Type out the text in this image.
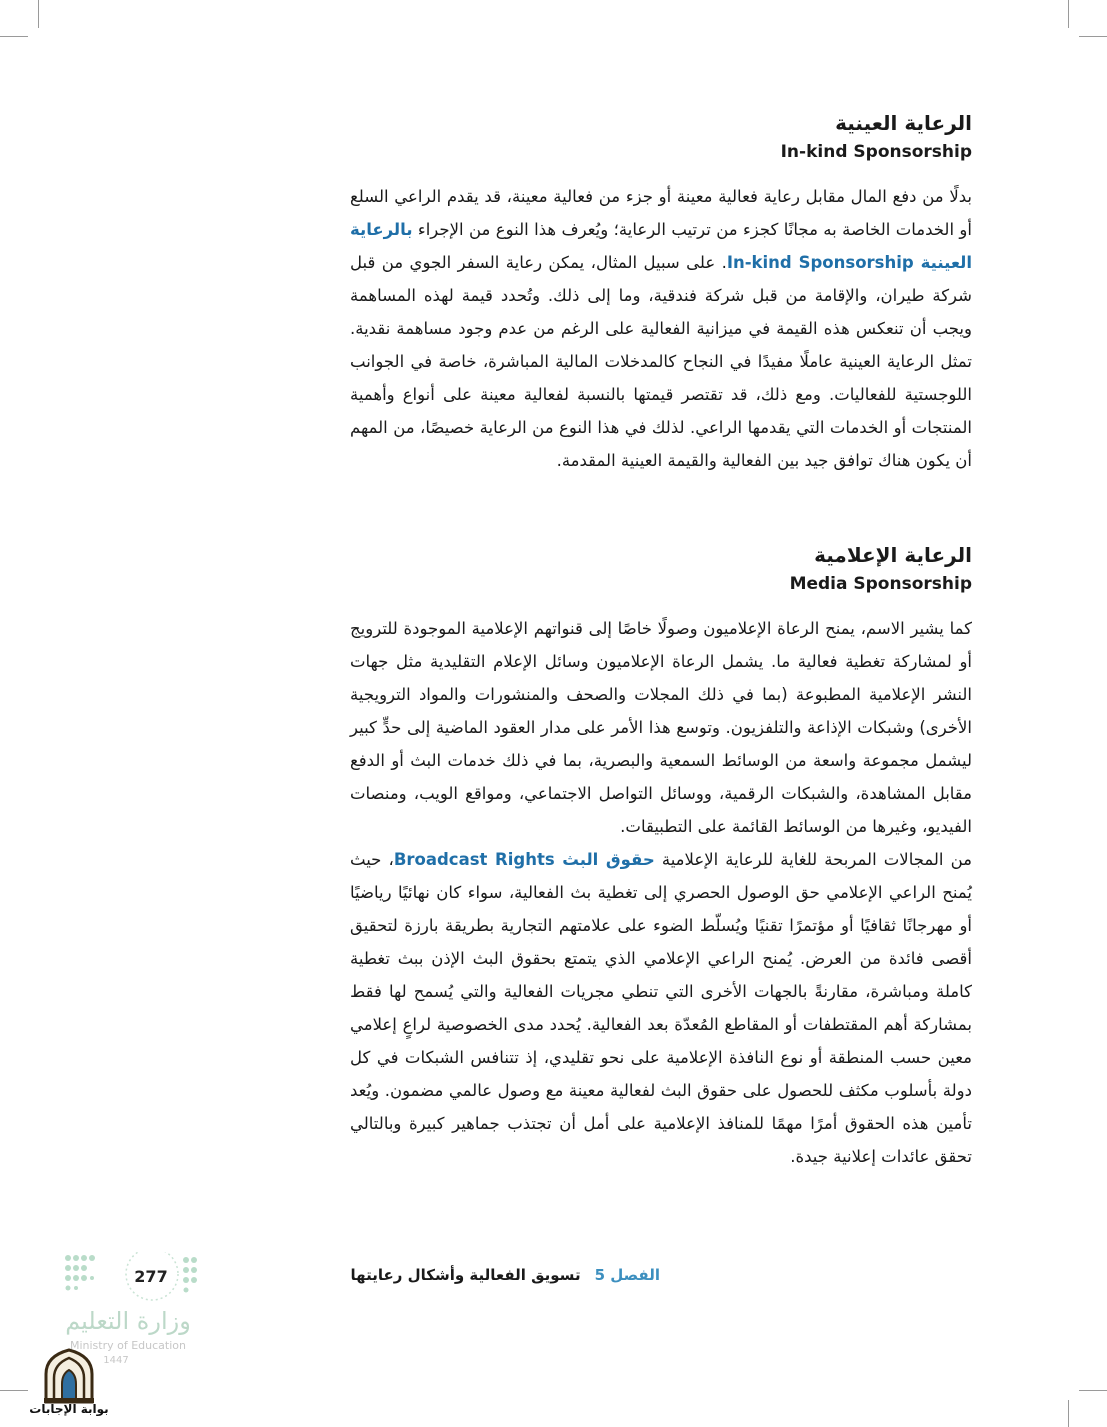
الرعاية العينية
In-kind Sponsorship

بدلًا من دفع المال مقابل رعاية فعالية معينة أو جزء من فعالية معينة، قد يقدم الراعي السلع أو الخدمات الخاصة به مجانًا كجزء من ترتيب الرعاية؛ ويُعرف هذا النوع من الإجراء بالرعاية العينية In-kind Sponsorship. على سبيل المثال، يمكن رعاية السفر الجوي من قبل شركة طيران، والإقامة من قبل شركة فندقية، وما إلى ذلك. وتُحدد قيمة لهذه المساهمة ويجب أن تنعكس هذه القيمة في ميزانية الفعالية على الرغم من عدم وجود مساهمة نقدية. تمثل الرعاية العينية عاملًا مفيدًا في النجاح كالمدخلات المالية المباشرة، خاصة في الجوانب اللوجستية للفعاليات. ومع ذلك، قد تقتصر قيمتها بالنسبة لفعالية معينة على أنواع وأهمية المنتجات أو الخدمات التي يقدمها الراعي. لذلك في هذا النوع من الرعاية خصيصًا، من المهم أن يكون هناك توافق جيد بين الفعالية والقيمة العينية المقدمة.

الرعاية الإعلامية
Media Sponsorship

كما يشير الاسم، يمنح الرعاة الإعلاميون وصولًا خاصًا إلى قنواتهم الإعلامية الموجودة للترويج أو لمشاركة تغطية فعالية ما. يشمل الرعاة الإعلاميون وسائل الإعلام التقليدية مثل جهات النشر الإعلامية المطبوعة (بما في ذلك المجلات والصحف والمنشورات والمواد الترويجية الأخرى) وشبكات الإذاعة والتلفزيون. وتوسع هذا الأمر على مدار العقود الماضية إلى حدٍّ كبير ليشمل مجموعة واسعة من الوسائط السمعية والبصرية، بما في ذلك خدمات البث أو الدفع مقابل المشاهدة، والشبكات الرقمية، ووسائل التواصل الاجتماعي، ومواقع الويب، ومنصات الفيديو، وغيرها من الوسائط القائمة على التطبيقات.

من المجالات المربحة للغاية للرعاية الإعلامية حقوق البث Broadcast Rights، حيث يُمنح الراعي الإعلامي حق الوصول الحصري إلى تغطية بث الفعالية، سواء كان نهائيًا رياضيًا أو مهرجانًا ثقافيًا أو مؤتمرًا تقنيًا ويُسلّط الضوء على علامتهم التجارية بطريقة بارزة لتحقيق أقصى فائدة من العرض. يُمنح الراعي الإعلامي الذي يتمتع بحقوق البث الإذن ببث تغطية كاملة ومباشرة، مقارنةً بالجهات الأخرى التي تنطي مجريات الفعالية والتي يُسمح لها فقط بمشاركة أهم المقتطفات أو المقاطع المُعدّة بعد الفعالية. يُحدد مدى الخصوصية لراعٍ إعلامي معين حسب المنطقة أو نوع النافذة الإعلامية على نحو تقليدي، إذ تتنافس الشبكات في كل دولة بأسلوب مكثف للحصول على حقوق البث لفعالية معينة مع وصول عالمي مضمون. ويُعد تأمين هذه الحقوق أمرًا مهمًا للمنافذ الإعلامية على أمل أن تجتذب جماهير كبيرة وبالتالي تحقق عائدات إعلانية جيدة.

الفصل 5تسويق الفعالية وأشكال رعايتها
277
وزارة التعليم
Ministry of Education
1447
بوابة الإجابات
